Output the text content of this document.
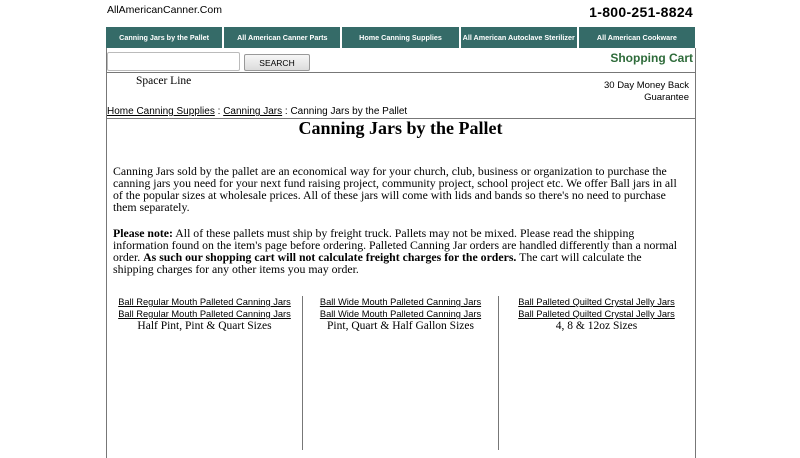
AllAmericanCanner.Com	1-800-251-8824
Canning Jars by the Pallet	All American Canner Parts	Home Canning Supplies	All American Autoclave Sterilizer	All American Cookware
SEARCH	Shopping Cart
Spacer Line	30 Day Money Back Guarantee
Home Canning Supplies : Canning Jars : Canning Jars by the Pallet
Canning Jars by the Pallet

Canning Jars sold by the pallet are an economical way for your church, club, business or organization to purchase the canning jars you need for your next fund raising project, community project, school project etc. We offer Ball jars in all of the popular sizes at wholesale prices. All of these jars will come with lids and bands so there's no need to purchase them separately.

Please note: All of these pallets must ship by freight truck. Pallets may not be mixed. Please read the shipping information found on the item's page before ordering. Palleted Canning Jar orders are handled differently than a normal order. As such our shopping cart will not calculate freight charges for the orders. The cart will calculate the shipping charges for any other items you may order.

Ball Regular Mouth Palleted Canning Jars
Ball Regular Mouth Palleted Canning Jars
Half Pint, Pint & Quart Sizes
Ball Wide Mouth Palleted Canning Jars
Ball Wide Mouth Palleted Canning Jars
Pint, Quart & Half Gallon Sizes
Ball Palleted Quilted Crystal Jelly Jars
Ball Palleted Quilted Crystal Jelly Jars
4, 8 & 12oz Sizes
